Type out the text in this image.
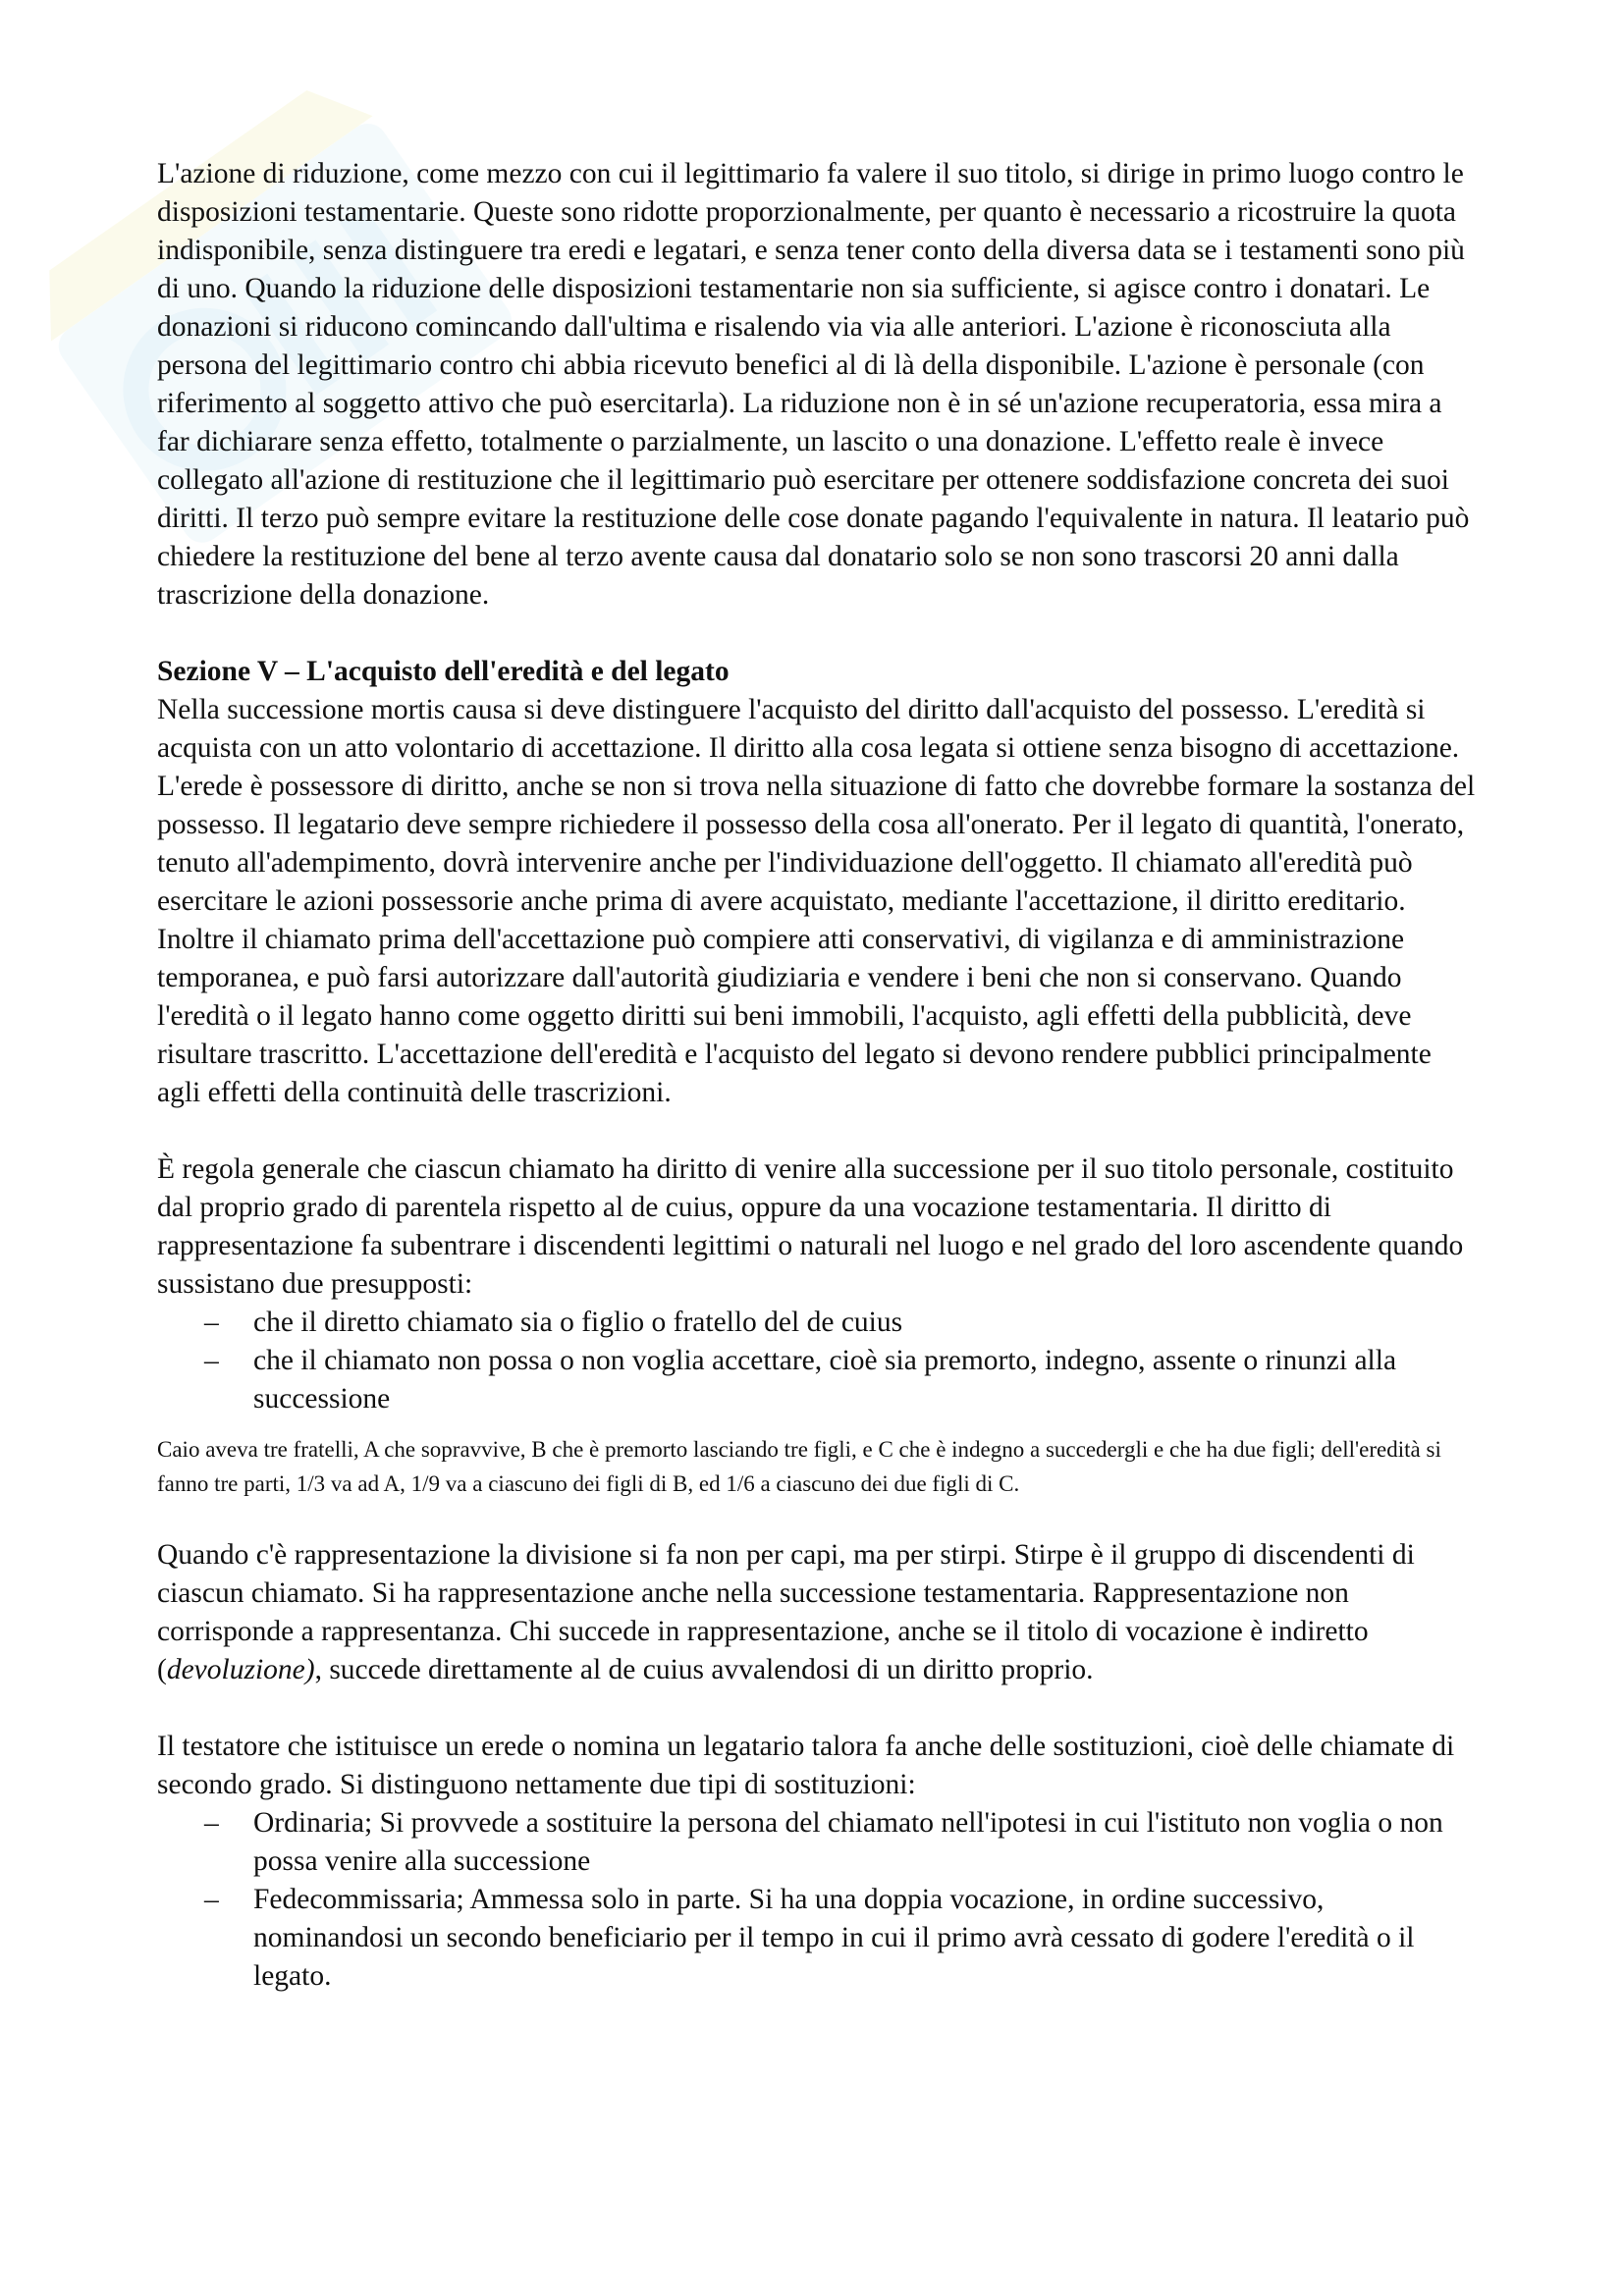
L'azione di riduzione, come mezzo con cui il legittimario fa valere il suo titolo, si dirige in primo luogo contro le disposizioni testamentarie. Queste sono ridotte proporzionalmente, per quanto è necessario a ricostruire la quota indisponibile, senza distinguere tra eredi e legatari, e senza tener conto della diversa data se i testamenti sono più di uno. Quando la riduzione delle disposizioni testamentarie non sia sufficiente, si agisce contro i donatari. Le donazioni si riducono comincando dall'ultima e risalendo via via alle anteriori. L'azione è riconosciuta alla persona del legittimario contro chi abbia ricevuto benefici al di là della disponibile. L'azione è personale (con riferimento al soggetto attivo che può esercitarla). La riduzione non è in sé un'azione recuperatoria, essa mira a far dichiarare senza effetto, totalmente o parzialmente, un lascito o una donazione. L'effetto reale è invece collegato all'azione di restituzione che il legittimario può esercitare per ottenere soddisfazione concreta dei suoi diritti. Il terzo può sempre evitare la restituzione delle cose donate pagando l'equivalente in natura. Il leatario può chiedere la restituzione del bene al terzo avente causa dal donatario solo se non sono trascorsi 20 anni dalla trascrizione della donazione.

Sezione V – L'acquisto dell'eredità e del legato

Nella successione mortis causa si deve distinguere l'acquisto del diritto dall'acquisto del possesso. L'eredità si acquista con un atto volontario di accettazione. Il diritto alla cosa legata si ottiene senza bisogno di accettazione. L'erede è possessore di diritto, anche se non si trova nella situazione di fatto che dovrebbe formare la sostanza del possesso. Il legatario deve sempre richiedere il possesso della cosa all'onerato. Per il legato di quantità, l'onerato, tenuto all'adempimento, dovrà intervenire anche per l'individuazione dell'oggetto. Il chiamato all'eredità può esercitare le azioni possessorie anche prima di avere acquistato, mediante l'accettazione, il diritto ereditario. Inoltre il chiamato prima dell'accettazione può compiere atti conservativi, di vigilanza e di amministrazione temporanea, e può farsi autorizzare dall'autorità giudiziaria e vendere i beni che non si conservano. Quando l'eredità o il legato hanno come oggetto diritti sui beni immobili, l'acquisto, agli effetti della pubblicità, deve risultare trascritto. L'accettazione dell'eredità e l'acquisto del legato si devono rendere pubblici principalmente agli effetti della continuità delle trascrizioni.

È regola generale che ciascun chiamato ha diritto di venire alla successione per il suo titolo personale, costituito dal proprio grado di parentela rispetto al de cuius, oppure da una vocazione testamentaria. Il diritto di rappresentazione fa subentrare i discendenti legittimi o naturali nel luogo e nel grado del loro ascendente quando sussistano due presupposti:

– che il diretto chiamato sia o figlio o fratello del de cuius
– che il chiamato non possa o non voglia accettare, cioè sia premorto, indegno, assente o rinunzi alla successione

Caio aveva tre fratelli, A che sopravvive, B che è premorto lasciando tre figli, e C che è indegno a succedergli e che ha due figli; dell'eredità si fanno tre parti, 1/3 va ad A, 1/9 va a ciascuno dei figli di B, ed 1/6 a ciascuno dei due figli di C.

Quando c'è rappresentazione la divisione si fa non per capi, ma per stirpi. Stirpe è il gruppo di discendenti di ciascun chiamato. Si ha rappresentazione anche nella successione testamentaria. Rappresentazione non corrisponde a rappresentanza. Chi succede in rappresentazione, anche se il titolo di vocazione è indiretto (devoluzione), succede direttamente al de cuius avvalendosi di un diritto proprio.

Il testatore che istituisce un erede o nomina un legatario talora fa anche delle sostituzioni, cioè delle chiamate di secondo grado. Si distinguono nettamente due tipi di sostituzioni:

– Ordinaria; Si provvede a sostituire la persona del chiamato nell'ipotesi in cui l'istituto non voglia o non possa venire alla successione
– Fedecommissaria; Ammessa solo in parte. Si ha una doppia vocazione, in ordine successivo, nominandosi un secondo beneficiario per il tempo in cui il primo avrà cessato di godere l'eredità o il legato.
